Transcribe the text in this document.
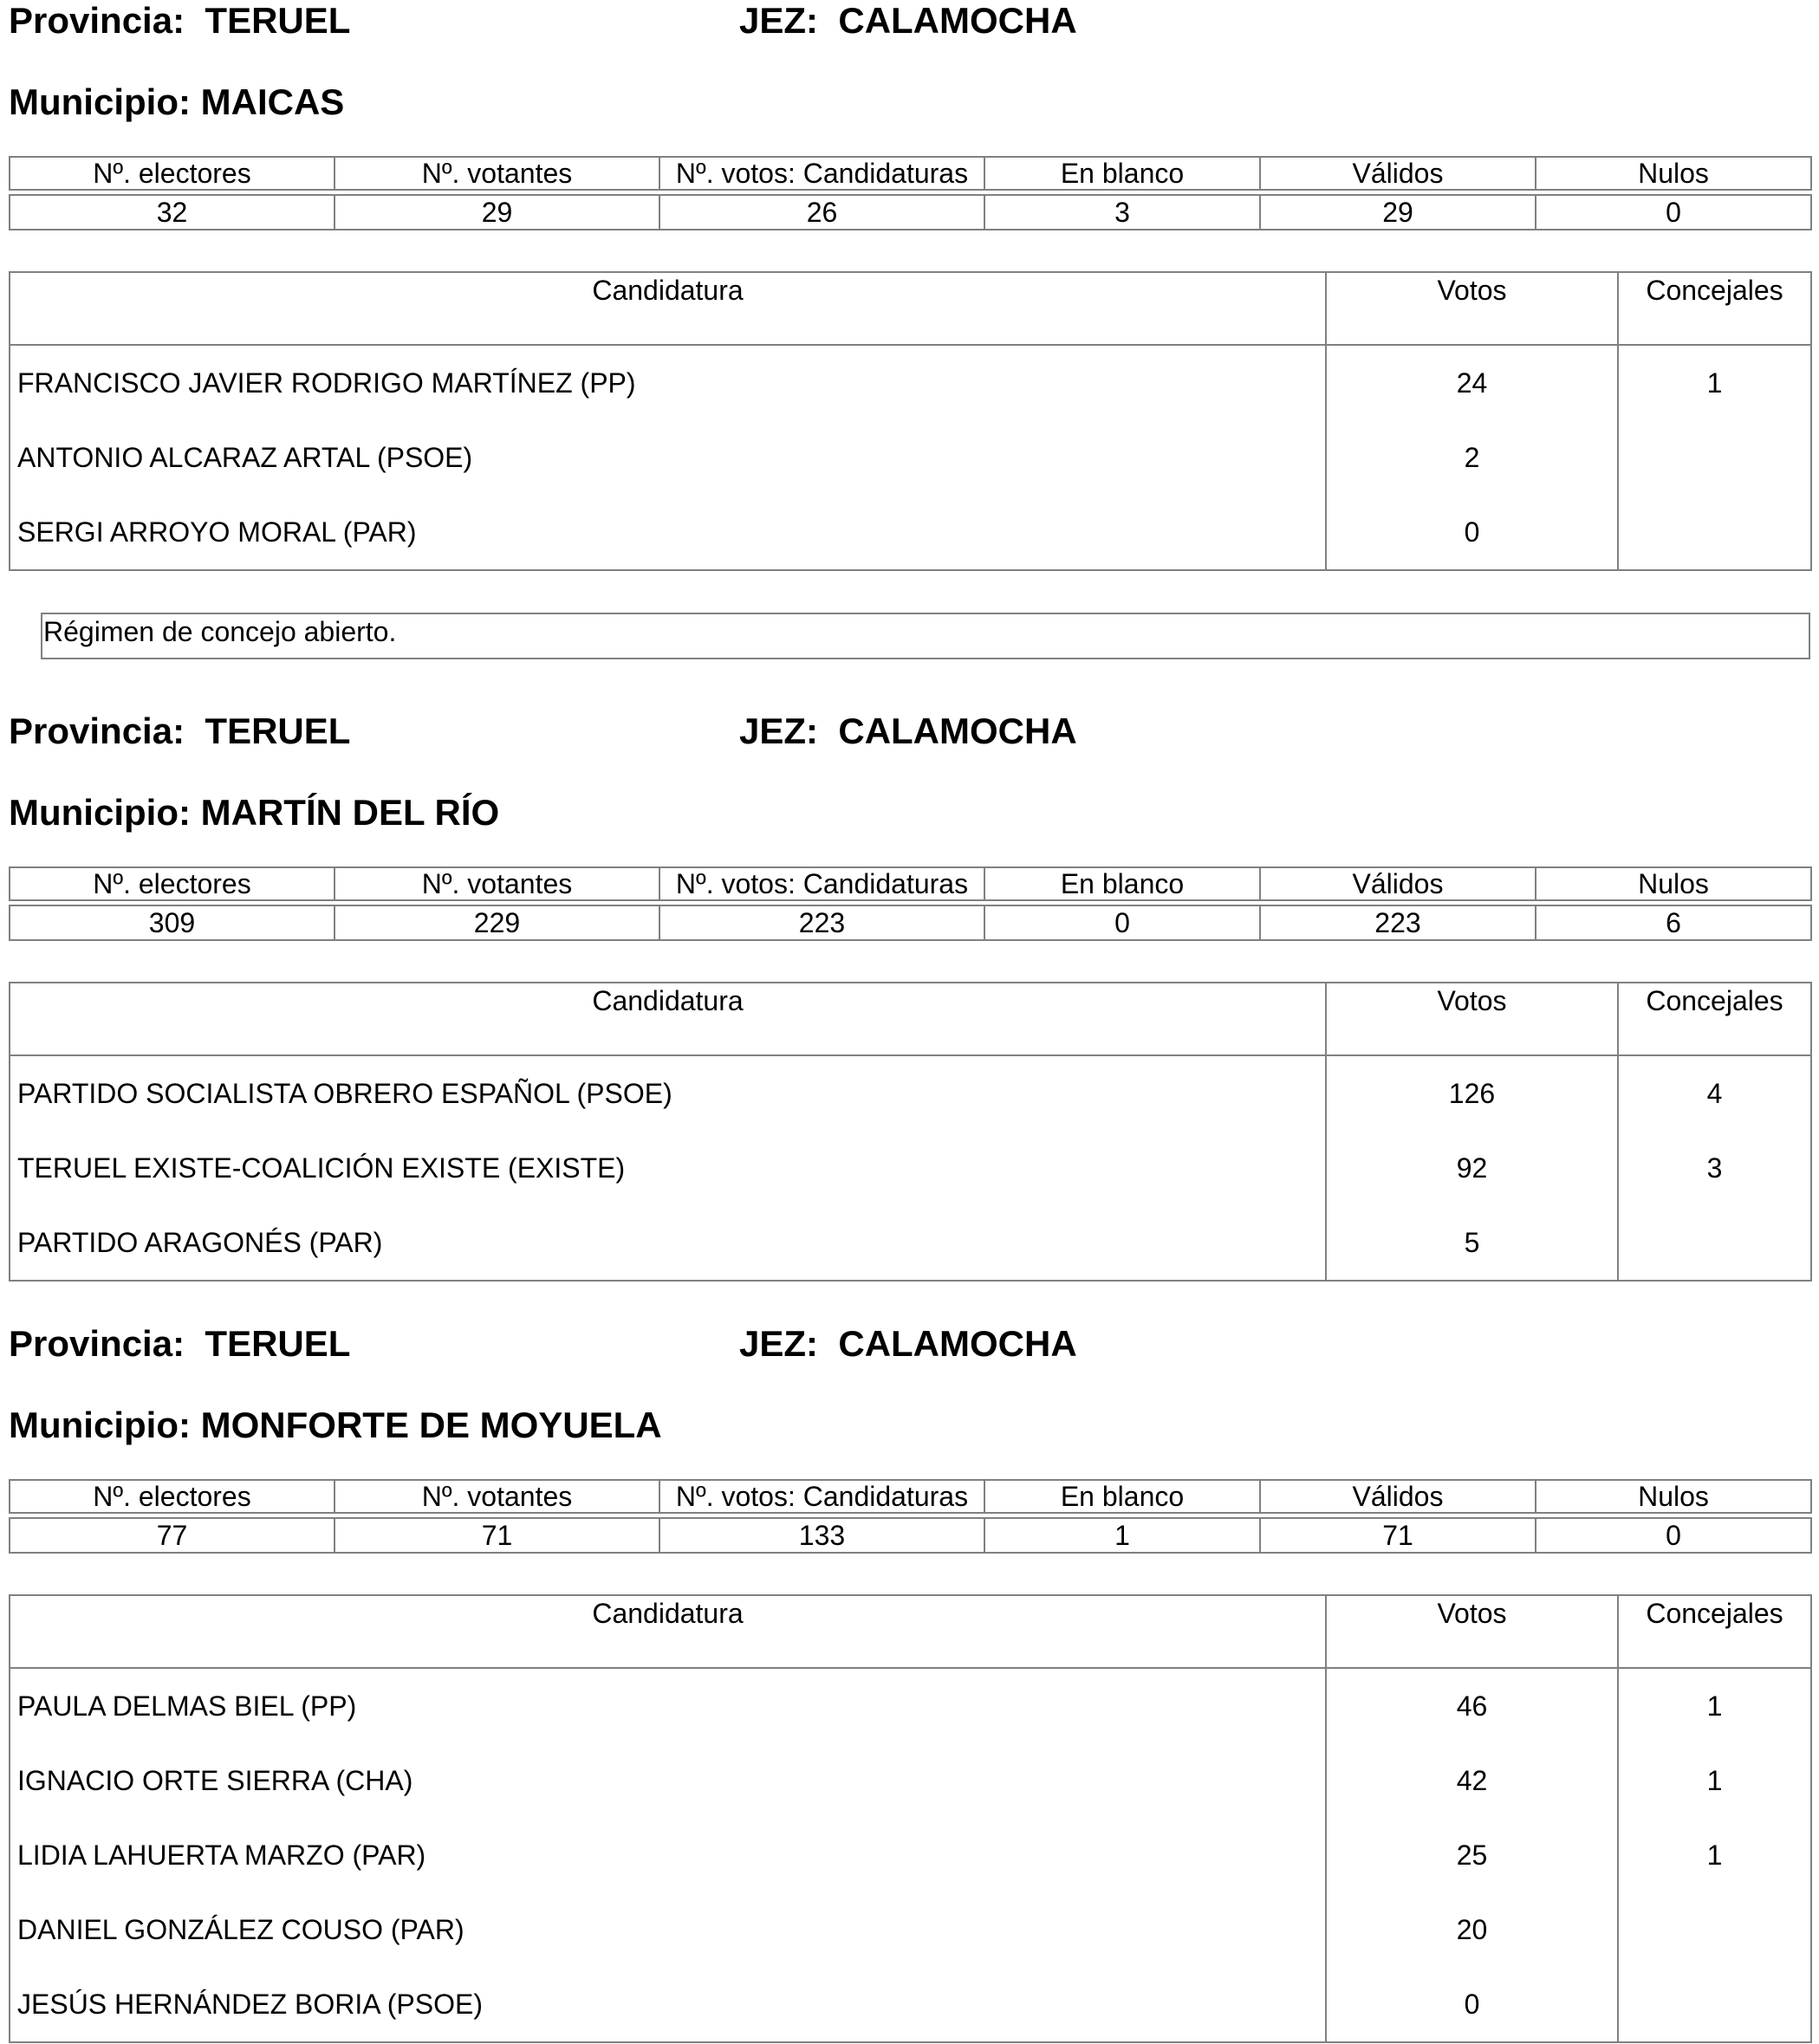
Provincia: TERUEL	JEZ: CALAMOCHA
Municipio: MAICAS
Nº. electores	Nº. votantes	Nº. votos: Candidaturas	En blanco	Válidos	Nulos

32	29	26	3	29	0
Candidatura	Votos	Concejales
FRANCISCO JAVIER RODRIGO MARTÍNEZ (PP)	24	1
ANTONIO ALCARAZ ARTAL (PSOE)	2	
SERGI ARROYO MORAL (PAR)	0	
Régimen de concejo abierto.
Provincia: TERUEL	JEZ: CALAMOCHA
Municipio: MARTÍN DEL RÍO
Nº. electores	Nº. votantes	Nº. votos: Candidaturas	En blanco	Válidos	Nulos

309	229	223	0	223	6
Candidatura	Votos	Concejales
PARTIDO SOCIALISTA OBRERO ESPAÑOL (PSOE)	126	4
TERUEL EXISTE-COALICIÓN EXISTE (EXISTE)	92	3
PARTIDO ARAGONÉS (PAR)	5	
Provincia: TERUEL	JEZ: CALAMOCHA
Municipio: MONFORTE DE MOYUELA
Nº. electores	Nº. votantes	Nº. votos: Candidaturas	En blanco	Válidos	Nulos

77	71	133	1	71	0
Candidatura	Votos	Concejales
PAULA DELMAS BIEL (PP)	46	1
IGNACIO ORTE SIERRA (CHA)	42	1
LIDIA LAHUERTA MARZO (PAR)	25	1
DANIEL GONZÁLEZ COUSO (PAR)	20	
JESÚS HERNÁNDEZ BORIA (PSOE)	0	
